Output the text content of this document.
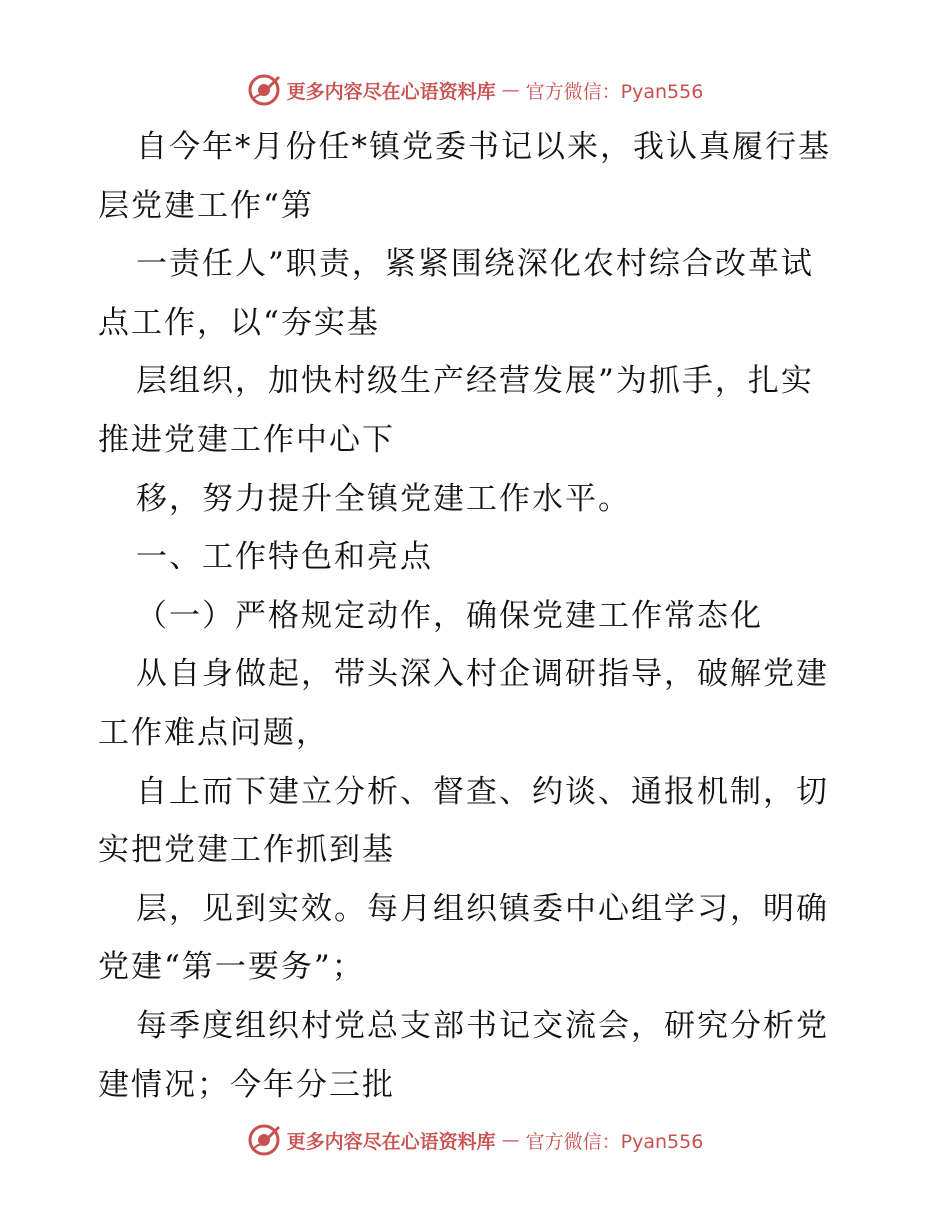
更多内容尽在心语资料库 — 官方微信：Pyan556
自今年*月份任*镇党委书记以来，我认真履行基
层党建工作“第
一责任人”职责，紧紧围绕深化农村综合改革试
点工作，以“夯实基
层组织，加快村级生产经营发展”为抓手，扎实
推进党建工作中心下
移，努力提升全镇党建工作水平。
一、工作特色和亮点
（一）严格规定动作，确保党建工作常态化
从自身做起，带头深入村企调研指导，破解党建
工作难点问题，
自上而下建立分析、督查、约谈、通报机制，切
实把党建工作抓到基
层，见到实效。每月组织镇委中心组学习，明确
党建“第一要务”；
每季度组织村党总支部书记交流会，研究分析党
建情况；今年分三批
更多内容尽在心语资料库 — 官方微信：Pyan556
